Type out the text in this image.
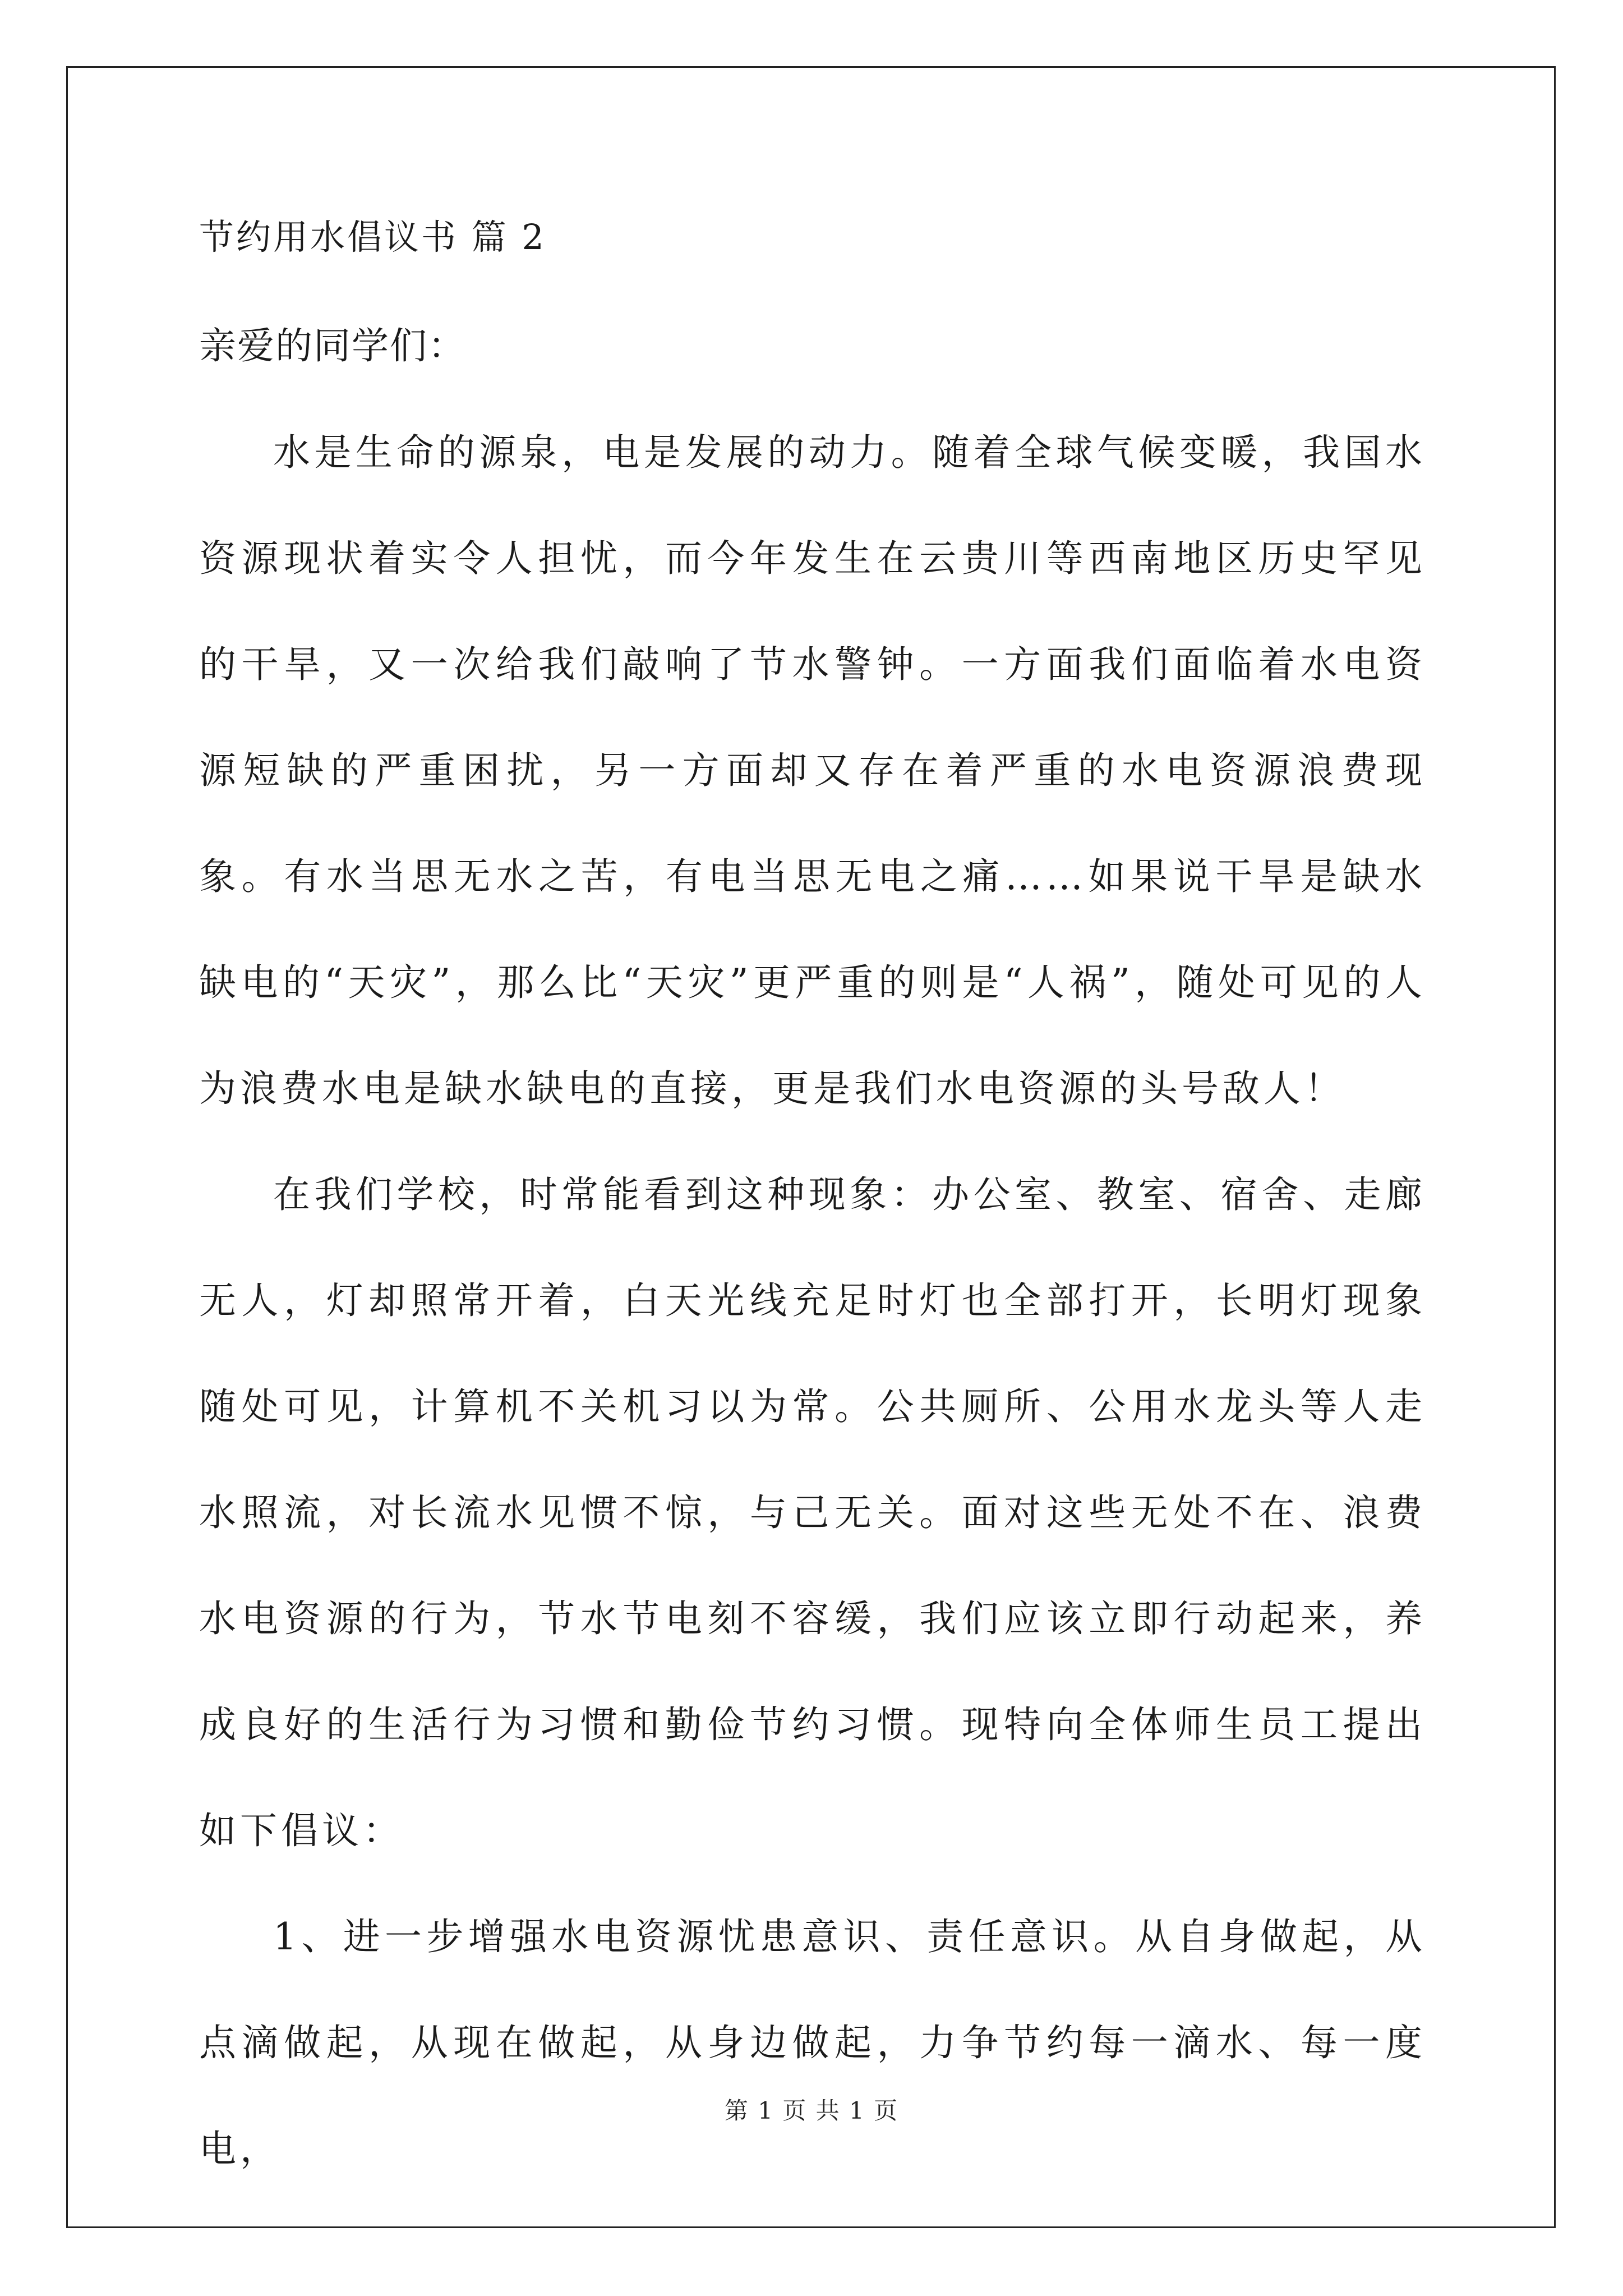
节约用水倡议书 篇 2
亲爱的同学们：

水是生命的源泉，电是发展的动力。随着全球气候变暖，我国水资源现状着实令人担忧，而今年发生在云贵川等西南地区历史罕见的干旱，又一次给我们敲响了节水警钟。一方面我们面临着水电资源短缺的严重困扰，另一方面却又存在着严重的水电资源浪费现象。有水当思无水之苦，有电当思无电之痛……如果说干旱是缺水缺电的“天灾”，那么比“天灾”更严重的则是“人祸”，随处可见的人为浪费水电是缺水缺电的直接，更是我们水电资源的头号敌人！

在我们学校，时常能看到这种现象：办公室、教室、宿舍、走廊无人，灯却照常开着，白天光线充足时灯也全部打开，长明灯现象随处可见，计算机不关机习以为常。公共厕所、公用水龙头等人走水照流，对长流水见惯不惊，与己无关。面对这些无处不在、浪费水电资源的行为，节水节电刻不容缓，我们应该立即行动起来，养成良好的生活行为习惯和勤俭节约习惯。现特向全体师生员工提出如下倡议：

1、进一步增强水电资源忧患意识、责任意识。从自身做起，从点滴做起，从现在做起，从身边做起，力争节约每一滴水、每一度电，

第 1 页 共 1 页
